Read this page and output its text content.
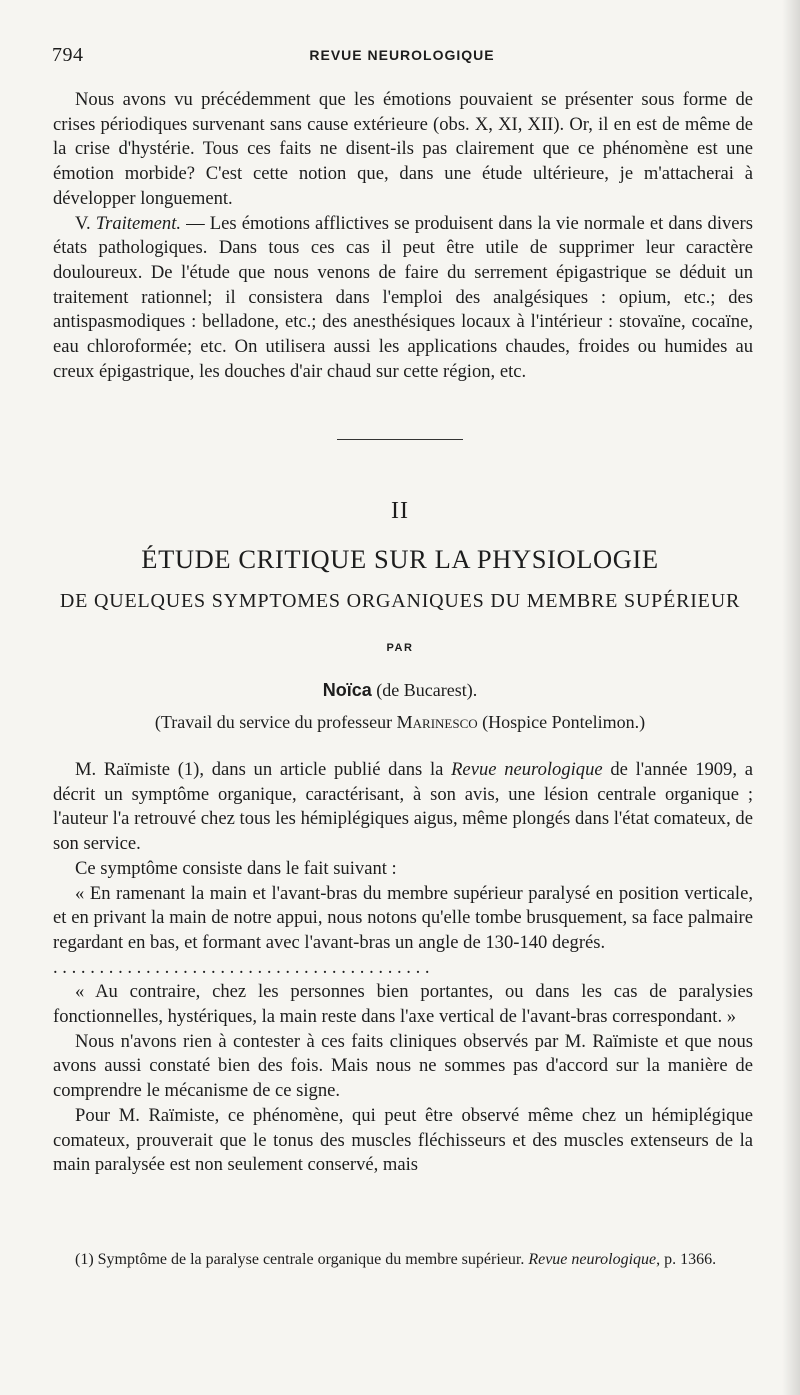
794	REVUE NEUROLOGIQUE

Nous avons vu précédemment que les émotions pouvaient se présenter sous forme de crises périodiques survenant sans cause extérieure (obs. X, XI, XII). Or, il en est de même de la crise d'hystérie. Tous ces faits ne disent-ils pas clairement que ce phénomène est une émotion morbide? C'est cette notion que, dans une étude ultérieure, je m'attacherai à développer longuement.

V. Traitement. — Les émotions afflictives se produisent dans la vie normale et dans divers états pathologiques. Dans tous ces cas il peut être utile de supprimer leur caractère douloureux. De l'étude que nous venons de faire du serrement épigastrique se déduit un traitement rationnel; il consistera dans l'emploi des analgésiques : opium, etc.; des antispasmodiques : belladone, etc.; des anesthésiques locaux à l'intérieur : stovaïne, cocaïne, eau chloroformée; etc. On utilisera aussi les applications chaudes, froides ou humides au creux épigastrique, les douches d'air chaud sur cette région, etc.

II
ÉTUDE CRITIQUE SUR LA PHYSIOLOGIE
DE QUELQUES SYMPTOMES ORGANIQUES DU MEMBRE SUPÉRIEUR
PAR
Noïca (de Bucarest).
(Travail du service du professeur Marinesco (Hospice Pontelimon.)

M. Raïmiste (1), dans un article publié dans la Revue neurologique de l'année 1909, a décrit un symptôme organique, caractérisant, à son avis, une lésion centrale organique ; l'auteur l'a retrouvé chez tous les hémiplégiques aigus, même plongés dans l'état comateux, de son service.

Ce symptôme consiste dans le fait suivant :

« En ramenant la main et l'avant-bras du membre supérieur paralysé en position verticale, et en privant la main de notre appui, nous notons qu'elle tombe brusquement, sa face palmaire regardant en bas, et formant avec l'avant-bras un angle de 130-140 degrés.

. . . . . . . . . . . . . . . . . . . . . . . . . . . . . . . . . . . . . . . . .

« Au contraire, chez les personnes bien portantes, ou dans les cas de paralysies fonctionnelles, hystériques, la main reste dans l'axe vertical de l'avant-bras correspondant. »

Nous n'avons rien à contester à ces faits cliniques observés par M. Raïmiste et que nous avons aussi constaté bien des fois. Mais nous ne sommes pas d'accord sur la manière de comprendre le mécanisme de ce signe.

Pour M. Raïmiste, ce phénomène, qui peut être observé même chez un hémiplégique comateux, prouverait que le tonus des muscles fléchisseurs et des muscles extenseurs de la main paralysée est non seulement conservé, mais

(1) Symptôme de la paralyse centrale organique du membre supérieur. Revue neurologique, p. 1366.
